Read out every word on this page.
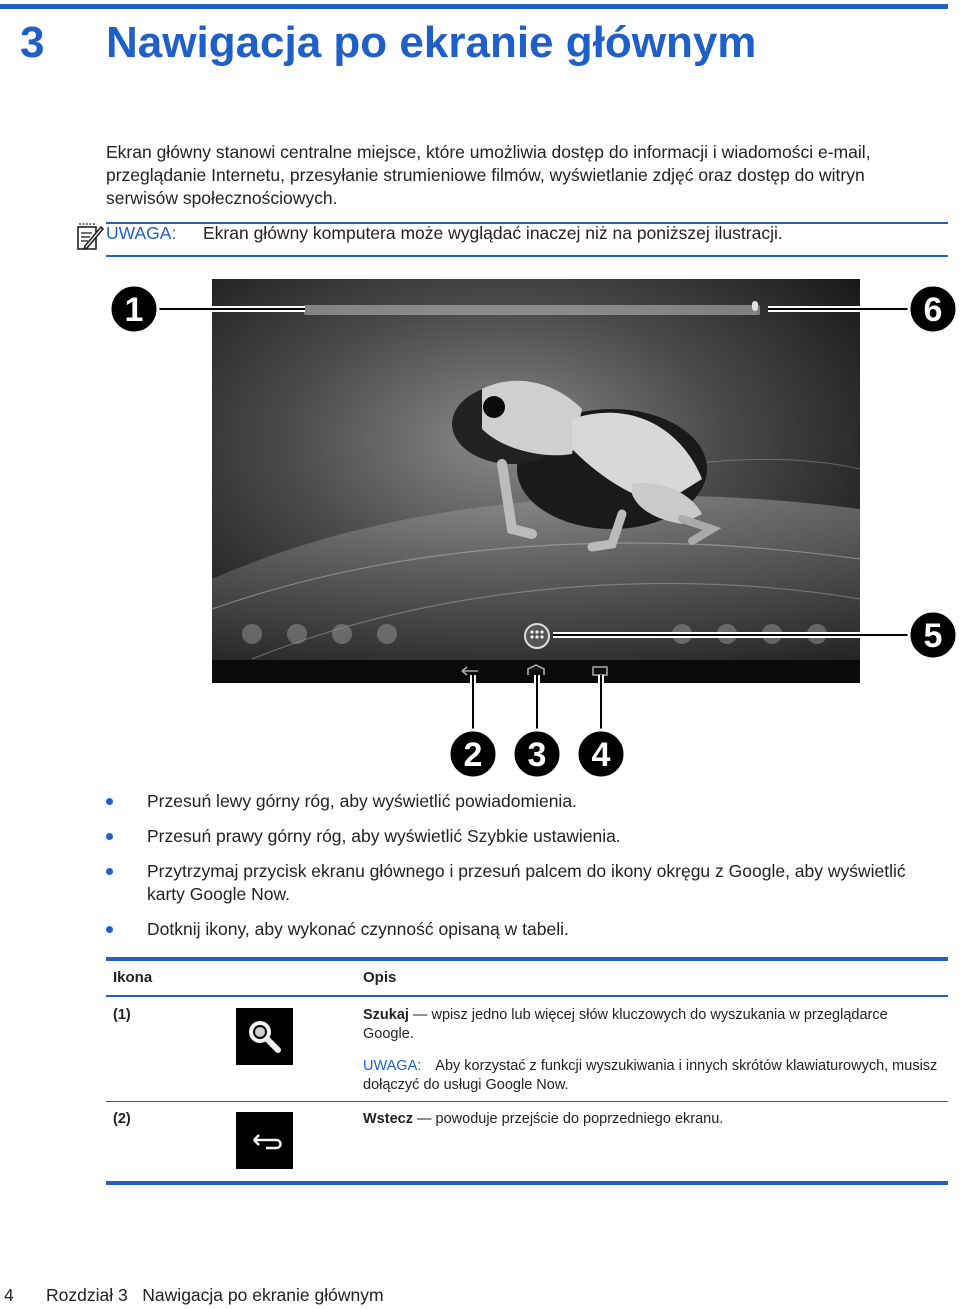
3 Nawigacja po ekranie głównym
Ekran główny stanowi centralne miejsce, które umożliwia dostęp do informacji i wiadomości e-mail, przeglądanie Internetu, przesyłanie strumieniowe filmów, wyświetlanie zdjęć oraz dostęp do witryn serwisów społecznościowych.
UWAGA: Ekran główny komputera może wyglądać inaczej niż na poniższej ilustracji.
1	6
5
2 3 4
Przesuń lewy górny róg, aby wyświetlić powiadomienia.
Przesuń prawy górny róg, aby wyświetlić Szybkie ustawienia.
Przytrzymaj przycisk ekranu głównego i przesuń palcem do ikony okręgu z Google, aby wyświetlić karty Google Now.
Dotknij ikony, aby wykonać czynność opisaną w tabeli.
Ikona	Opis
(1)	Szukaj — wpisz jedno lub więcej słów kluczowych do wyszukania w przeglądarce Google.
UWAGA: Aby korzystać z funkcji wyszukiwania i innych skrótów klawiaturowych, musisz dołączyć do usługi Google Now.
(2)	Wstecz — powoduje przejście do poprzedniego ekranu.
4 Rozdział 3   Nawigacja po ekranie głównym
